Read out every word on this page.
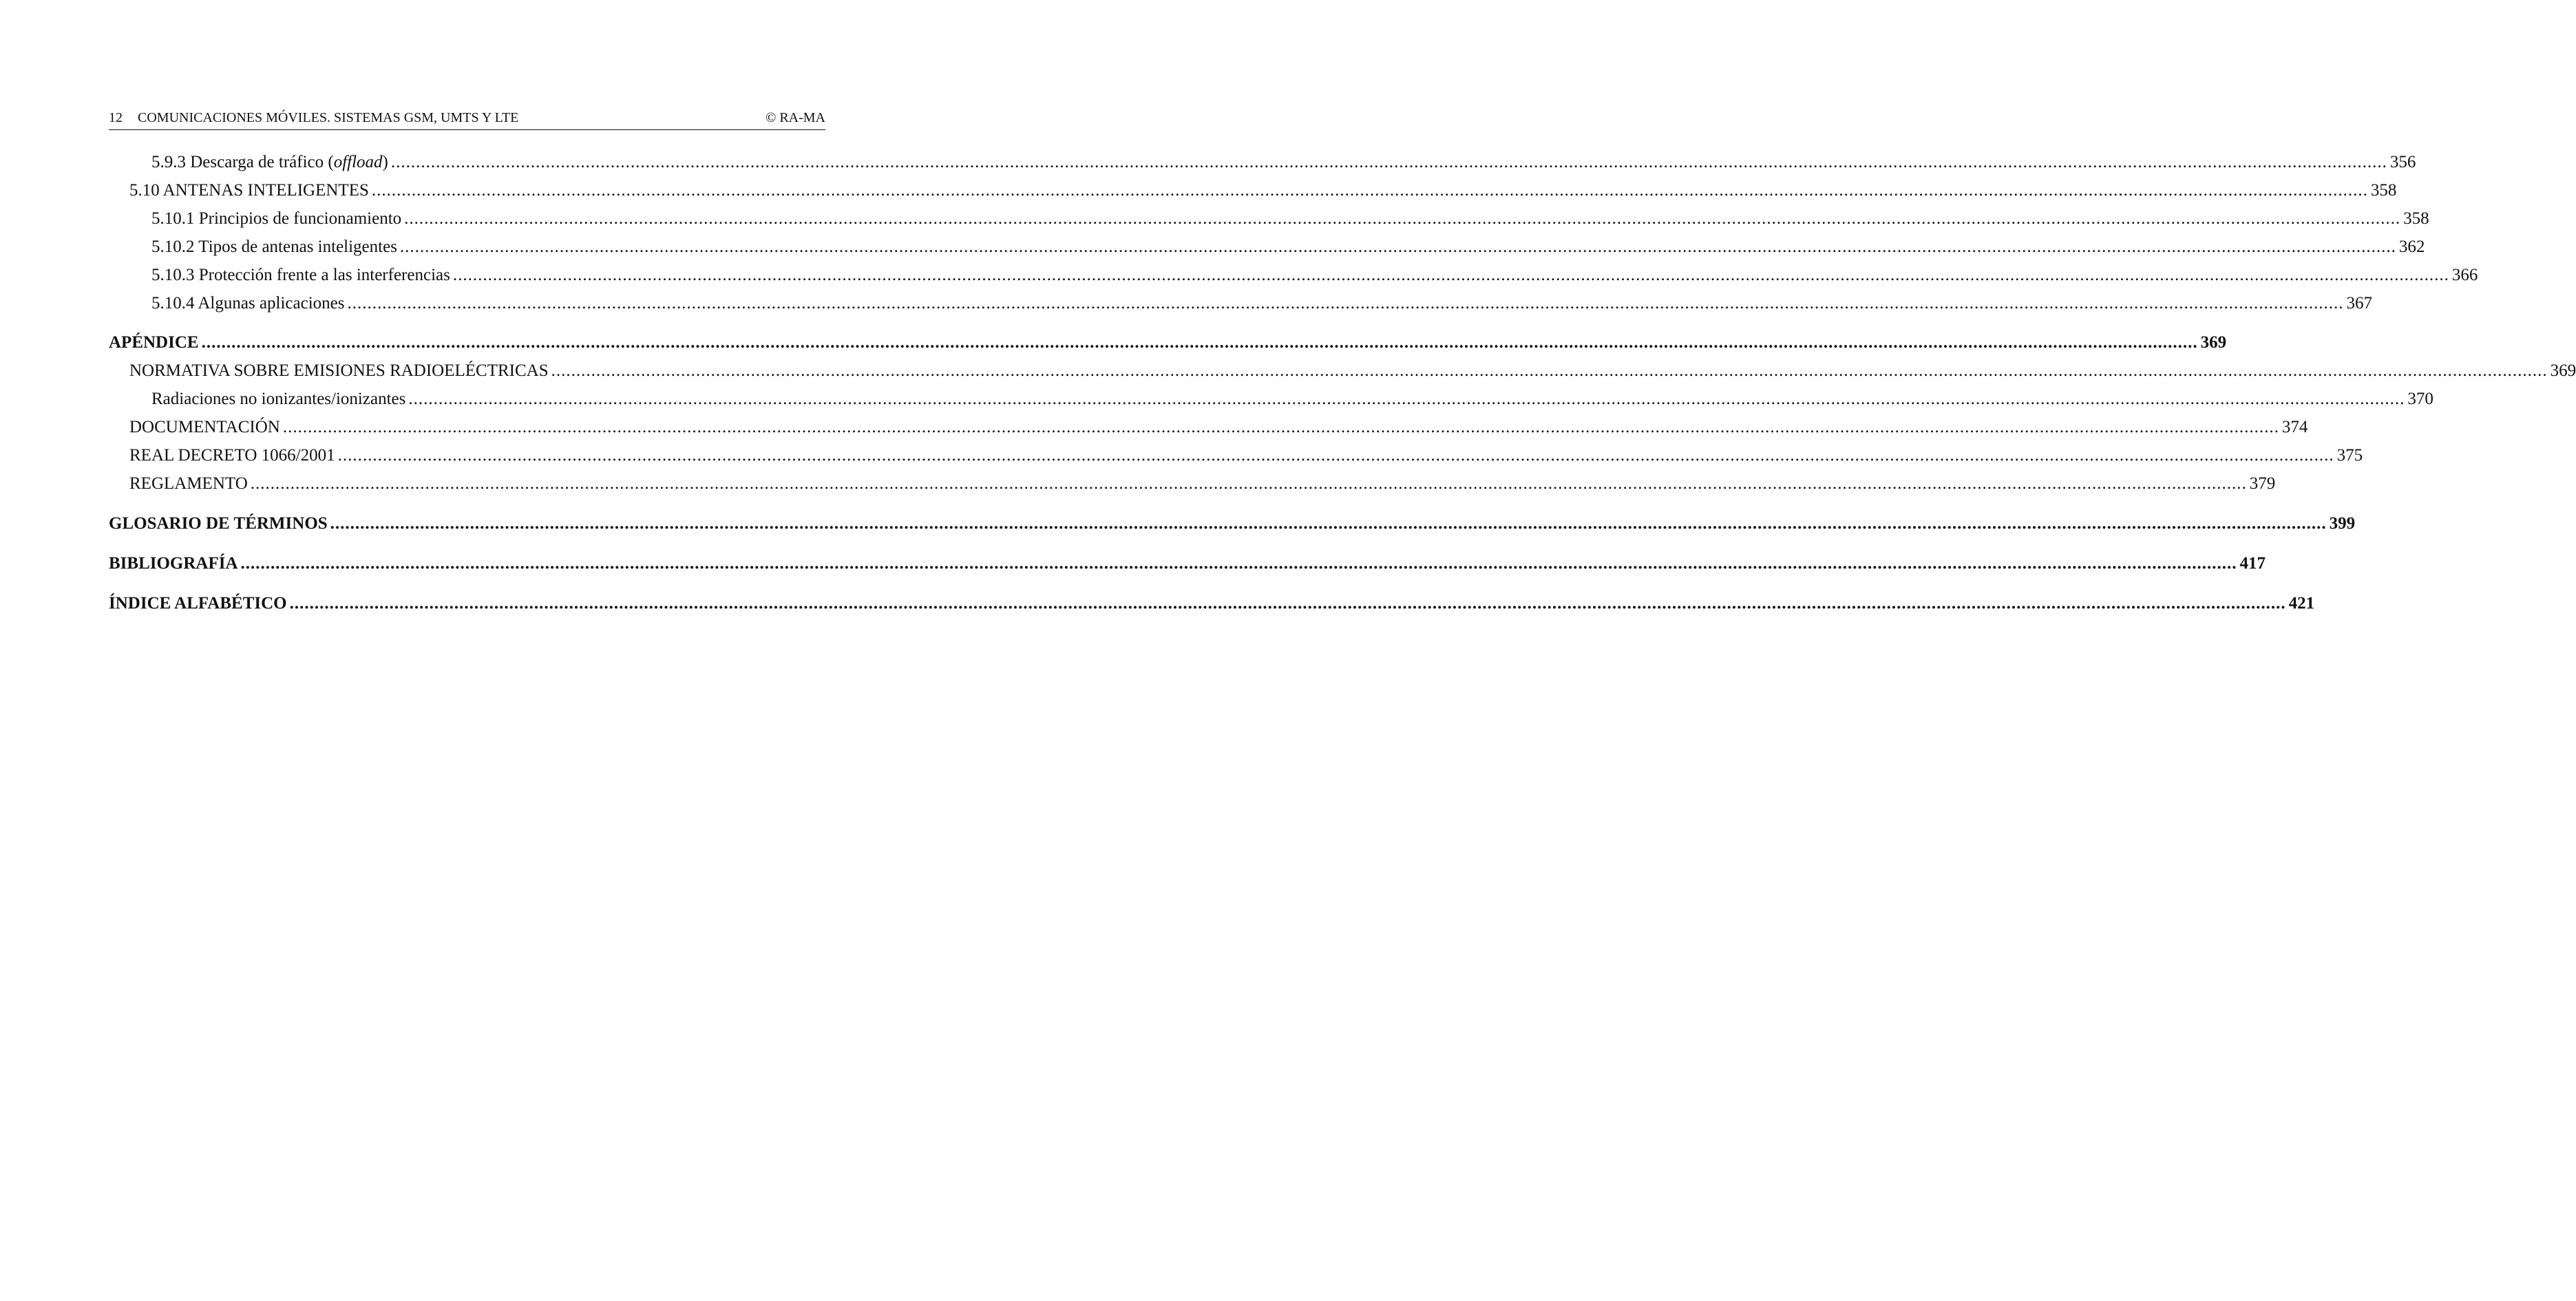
12 COMUNICACIONES MÓVILES. SISTEMAS GSM, UMTS Y LTE	© RA-MA
5.9.3 Descarga de tráfico (offload) ................................................................................................................................................................................................................................................................................................................................................................................................................ 356
5.10 ANTENAS INTELIGENTES ................................................................................................................................................................................................................................................................................................................................................................................................................ 358
5.10.1 Principios de funcionamiento ................................................................................................................................................................................................................................................................................................................................................................................................................ 358
5.10.2 Tipos de antenas inteligentes ................................................................................................................................................................................................................................................................................................................................................................................................................ 362
5.10.3 Protección frente a las interferencias ................................................................................................................................................................................................................................................................................................................................................................................................................ 366
5.10.4 Algunas aplicaciones ................................................................................................................................................................................................................................................................................................................................................................................................................ 367
APÉNDICE ................................................................................................................................................................................................................................................................................................................................................................................................................ 369
NORMATIVA SOBRE EMISIONES RADIOELÉCTRICAS ................................................................................................................................................................................................................................................................................................................................................................................................................ 369
Radiaciones no ionizantes/ionizantes ................................................................................................................................................................................................................................................................................................................................................................................................................ 370
DOCUMENTACIÓN ................................................................................................................................................................................................................................................................................................................................................................................................................ 374
REAL DECRETO 1066/2001 ................................................................................................................................................................................................................................................................................................................................................................................................................ 375
REGLAMENTO ................................................................................................................................................................................................................................................................................................................................................................................................................ 379
GLOSARIO DE TÉRMINOS ................................................................................................................................................................................................................................................................................................................................................................................................................ 399
BIBLIOGRAFÍA ................................................................................................................................................................................................................................................................................................................................................................................................................ 417
ÍNDICE ALFABÉTICO ................................................................................................................................................................................................................................................................................................................................................................................................................ 421
